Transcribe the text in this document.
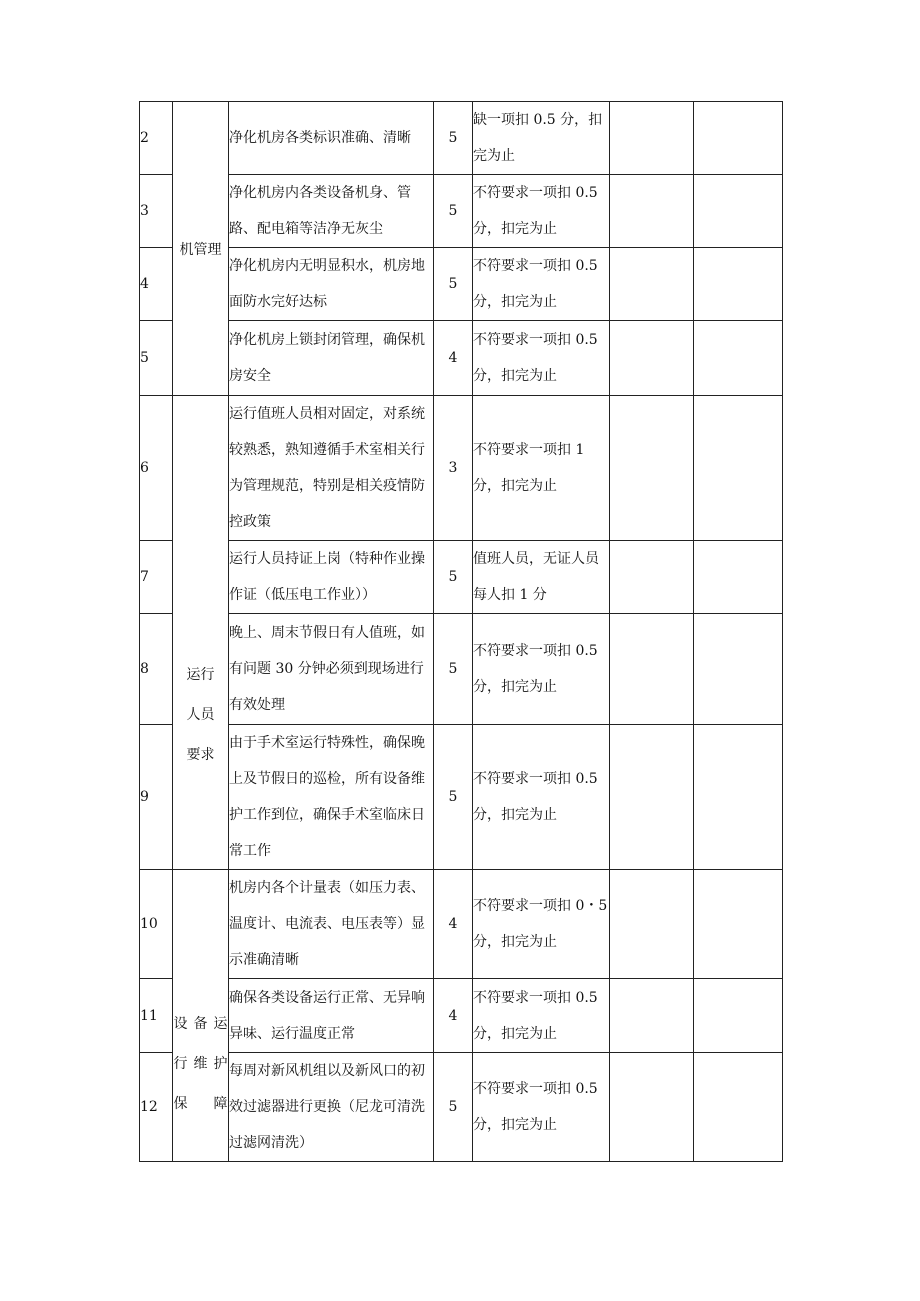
2	机管理	净化机房各类标识准确、清晰	5	缺一项扣 0.5 分，扣完为止		
3		净化机房内各类设备机身、管路、配电箱等洁净无灰尘	5	不符要求一项扣 0.5 分，扣完为止		
4		净化机房内无明显积水，机房地面防水完好达标	5	不符要求一项扣 0.5 分，扣完为止		
5		净化机房上锁封闭管理，确保机房安全	4	不符要求一项扣 0.5 分，扣完为止		
6	运行人员要求	运行值班人员相对固定，对系统较熟悉，熟知遵循手术室相关行为管理规范，特别是相关疫情防控政策	3	不符要求一项扣 1 分，扣完为止		
7		运行人员持证上岗（特种作业操作证（低压电工作业））	5	值班人员，无证人员每人扣 1 分		
8		晚上、周末节假日有人值班，如有问题 30 分钟必须到现场进行有效处理	5	不符要求一项扣 0.5 分，扣完为止		
9		由于手术室运行特殊性，确保晚上及节假日的巡检，所有设备维护工作到位，确保手术室临床日常工作	5	不符要求一项扣 0.5 分，扣完为止		
10	设备运行维护保障	机房内各个计量表（如压力表、温度计、电流表、电压表等）显示准确清晰	4	不符要求一项扣 0・5 分，扣完为止		
11		确保各类设备运行正常、无异响异味、运行温度正常	4	不符要求一项扣 0.5 分，扣完为止		
12		每周对新风机组以及新风口的初效过滤器进行更换（尼龙可清洗过滤网清洗）	5	不符要求一项扣 0.5 分，扣完为止		
